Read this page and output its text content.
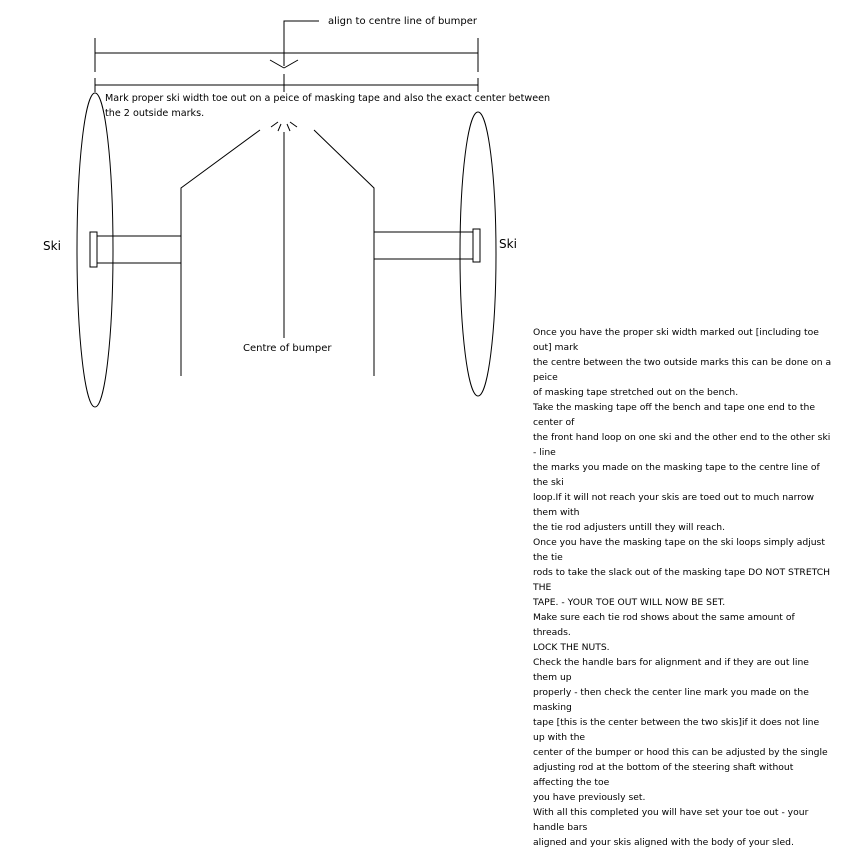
align to centre line of bumper
Mark proper ski width toe out on a peice of masking tape and also the exact center between
the 2 outside marks.
Ski	Ski
Centre of bumper
Once you have the proper ski width marked out [including toe out] mark
the centre between the two outside marks this can be done on a peice
of masking tape stretched out on the bench.
Take the masking tape off the bench and tape one end to the center of
the front hand loop on one ski and the other end to the other ski - line
the marks you made on the masking tape to the centre line of the ski
loop.If it will not reach your skis are toed out to much narrow them with
the tie rod adjusters untill they will reach.
Once you have the masking tape on the ski loops simply adjust the tie
rods to take the slack out of the masking tape DO NOT STRETCH THE
TAPE. - YOUR TOE OUT WILL NOW BE SET.
Make sure each tie rod shows about the same amount of threads.
LOCK THE NUTS.
Check the handle bars for alignment and if they are out line them up
properly - then check the center line mark you made on the masking
tape [this is the center between the two skis]if it does not line up with the
center of the bumper or hood this can be adjusted by the single
adjusting rod at the bottom of the steering shaft without affecting the toe
you have previously set.
With all this completed you will have set your toe out - your handle bars
aligned and your skis aligned with the body of your sled.
